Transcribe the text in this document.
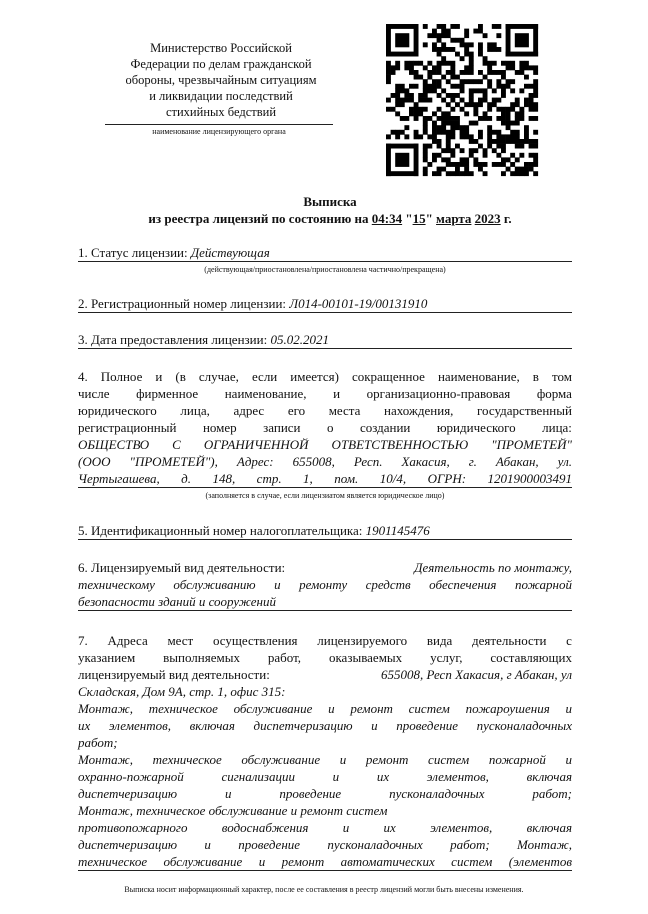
Министерство Российской
Федерации по делам гражданской
обороны, чрезвычайным ситуациям
и ликвидации последствий
стихийных бедствий
наименование лицензирующего органа
Выписка
из реестра лицензий по состоянию на 04:34 "15" марта 2023 г.
1. Статус лицензии: Действующая
(действующая/приостановлена/приостановлена частично/прекращена)
2. Регистрационный номер лицензии: Л014-00101-19/00131910
3. Дата предоставления лицензии: 05.02.2021
4. Полное и (в случае, если имеется) сокращенное наименование, в том
числе фирменное наименование, и организационно-правовая форма
юридического лица, адрес его места нахождения, государственный
регистрационный номер записи о создании юридического лица:
ОБЩЕСТВО С ОГРАНИЧЕННОЙ ОТВЕТСТВЕННОСТЬЮ "ПРОМЕТЕЙ"
(ООО "ПРОМЕТЕЙ"), Адрес: 655008, Респ. Хакасия, г. Абакан, ул.
Чертыгашева, д. 148, стр. 1, пом. 10/4, ОГРН: 1201900003491
(заполняется в случае, если лицензиатом является юридическое лицо)
5. Идентификационный номер налогоплательщика: 1901145476
6. Лицензируемый вид деятельности:	Деятельность по монтажу,
техническому обслуживанию и ремонту средств обеспечения пожарной
безопасности зданий и сооружений
7. Адреса мест осуществления лицензируемого вида деятельности с
указанием выполняемых работ, оказываемых услуг, составляющих
лицензируемый вид деятельности:	655008, Респ Хакасия, г Абакан, ул
Складская, Дом 9А, стр. 1, офис 315:
Монтаж, техническое обслуживание и ремонт систем пожароушения и
их элементов, включая диспетчеризацию и проведение пусконаладочных
работ;
Монтаж, техническое обслуживание и ремонт систем пожарной и
охранно-пожарной сигнализации и их элементов, включая
диспетчеризацию и проведение пусконаладочных работ;
Монтаж, техническое обслуживание и ремонт систем
противопожарного водоснабжения и их элементов, включая
диспетчеризацию и проведение пусконаладочных работ; Монтаж,
техническое обслуживание и ремонт автоматических систем (элементов
Выписка носит информационный характер, после ее составления в реестр лицензий могли быть внесены изменения.
